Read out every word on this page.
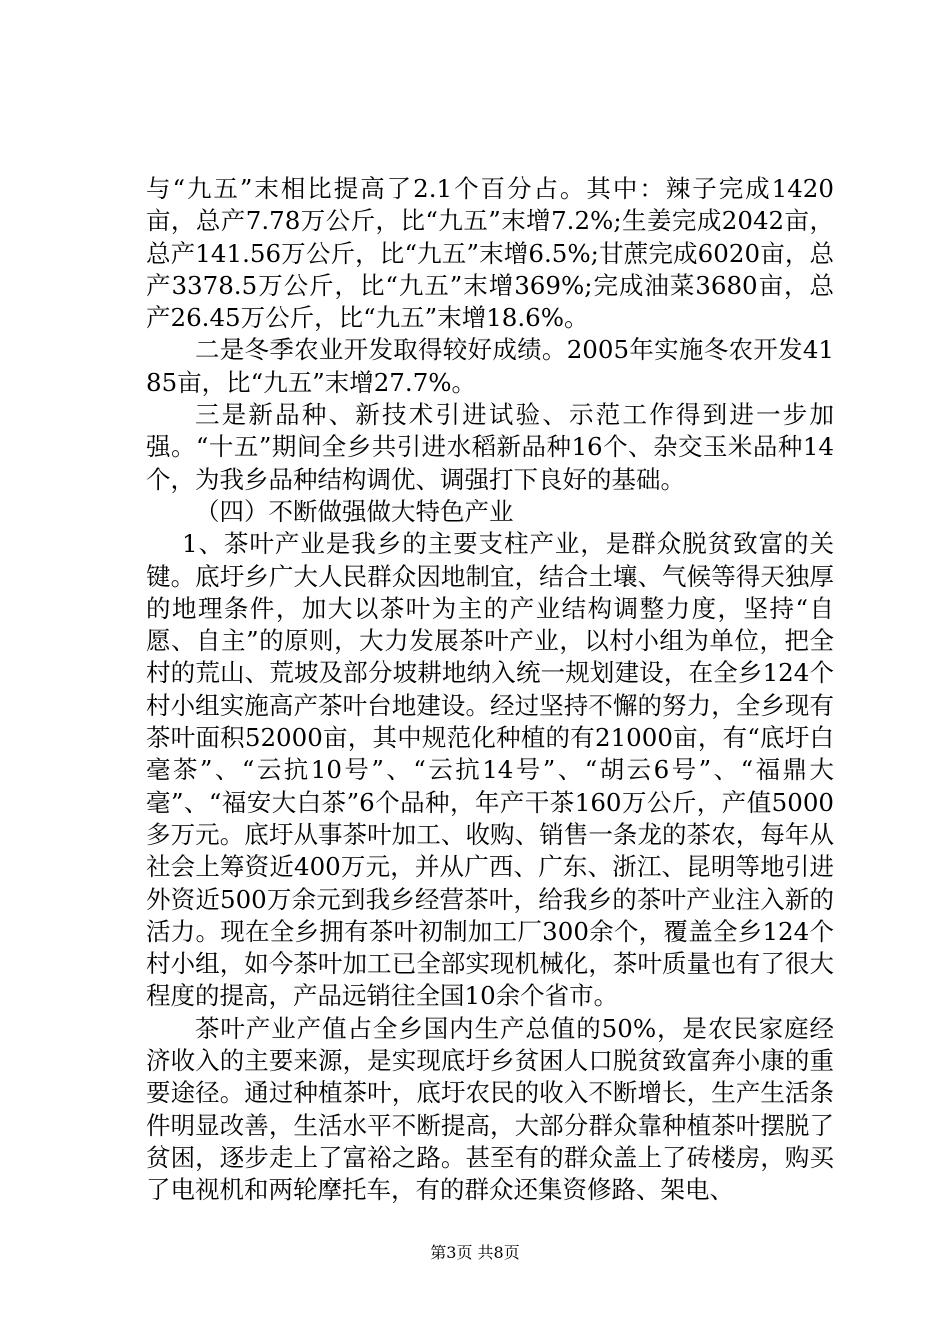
与“九五”末相比提高了2.1个百分占。其中：辣子完成1420亩，总产7.78万公斤，比“九五”末增7.2%;生姜完成2042亩，总产141.56万公斤，比“九五”末增6.5%;甘蔗完成6020亩，总产3378.5万公斤，比“九五”末增369%;完成油菜3680亩，总产26.45万公斤，比“九五”末增18.6%。

二是冬季农业开发取得较好成绩。2005年实施冬农开发4185亩，比“九五”末增27.7%。

三是新品种、新技术引进试验、示范工作得到进一步加强。“十五”期间全乡共引进水稻新品种16个、杂交玉米品种14个，为我乡品种结构调优、调强打下良好的基础。

（四）不断做强做大特色产业

1、茶叶产业是我乡的主要支柱产业，是群众脱贫致富的关键。底圩乡广大人民群众因地制宜，结合土壤、气候等得天独厚的地理条件，加大以茶叶为主的产业结构调整力度，坚持“自愿、自主”的原则，大力发展茶叶产业，以村小组为单位，把全村的荒山、荒坡及部分坡耕地纳入统一规划建设，在全乡124个村小组实施高产茶叶台地建设。经过坚持不懈的努力，全乡现有茶叶面积52000亩，其中规范化种植的有21000亩，有“底圩白毫茶”、“云抗10号”、“云抗14号”、“胡云6号”、“福鼎大毫”、“福安大白茶”6个品种，年产干茶160万公斤，产值5000多万元。底圩从事茶叶加工、收购、销售一条龙的茶农，每年从社会上筹资近400万元，并从广西、广东、浙江、昆明等地引进外资近500万余元到我乡经营茶叶，给我乡的茶叶产业注入新的活力。现在全乡拥有茶叶初制加工厂300余个，覆盖全乡124个村小组，如今茶叶加工已全部实现机械化，茶叶质量也有了很大程度的提高，产品远销往全国10余个省市。

茶叶产业产值占全乡国内生产总值的50%，是农民家庭经济收入的主要来源，是实现底圩乡贫困人口脱贫致富奔小康的重要途径。通过种植茶叶，底圩农民的收入不断增长，生产生活条件明显改善，生活水平不断提高，大部分群众靠种植茶叶摆脱了贫困，逐步走上了富裕之路。甚至有的群众盖上了砖楼房，购买了电视机和两轮摩托车，有的群众还集资修路、架电、

第3页 共8页
